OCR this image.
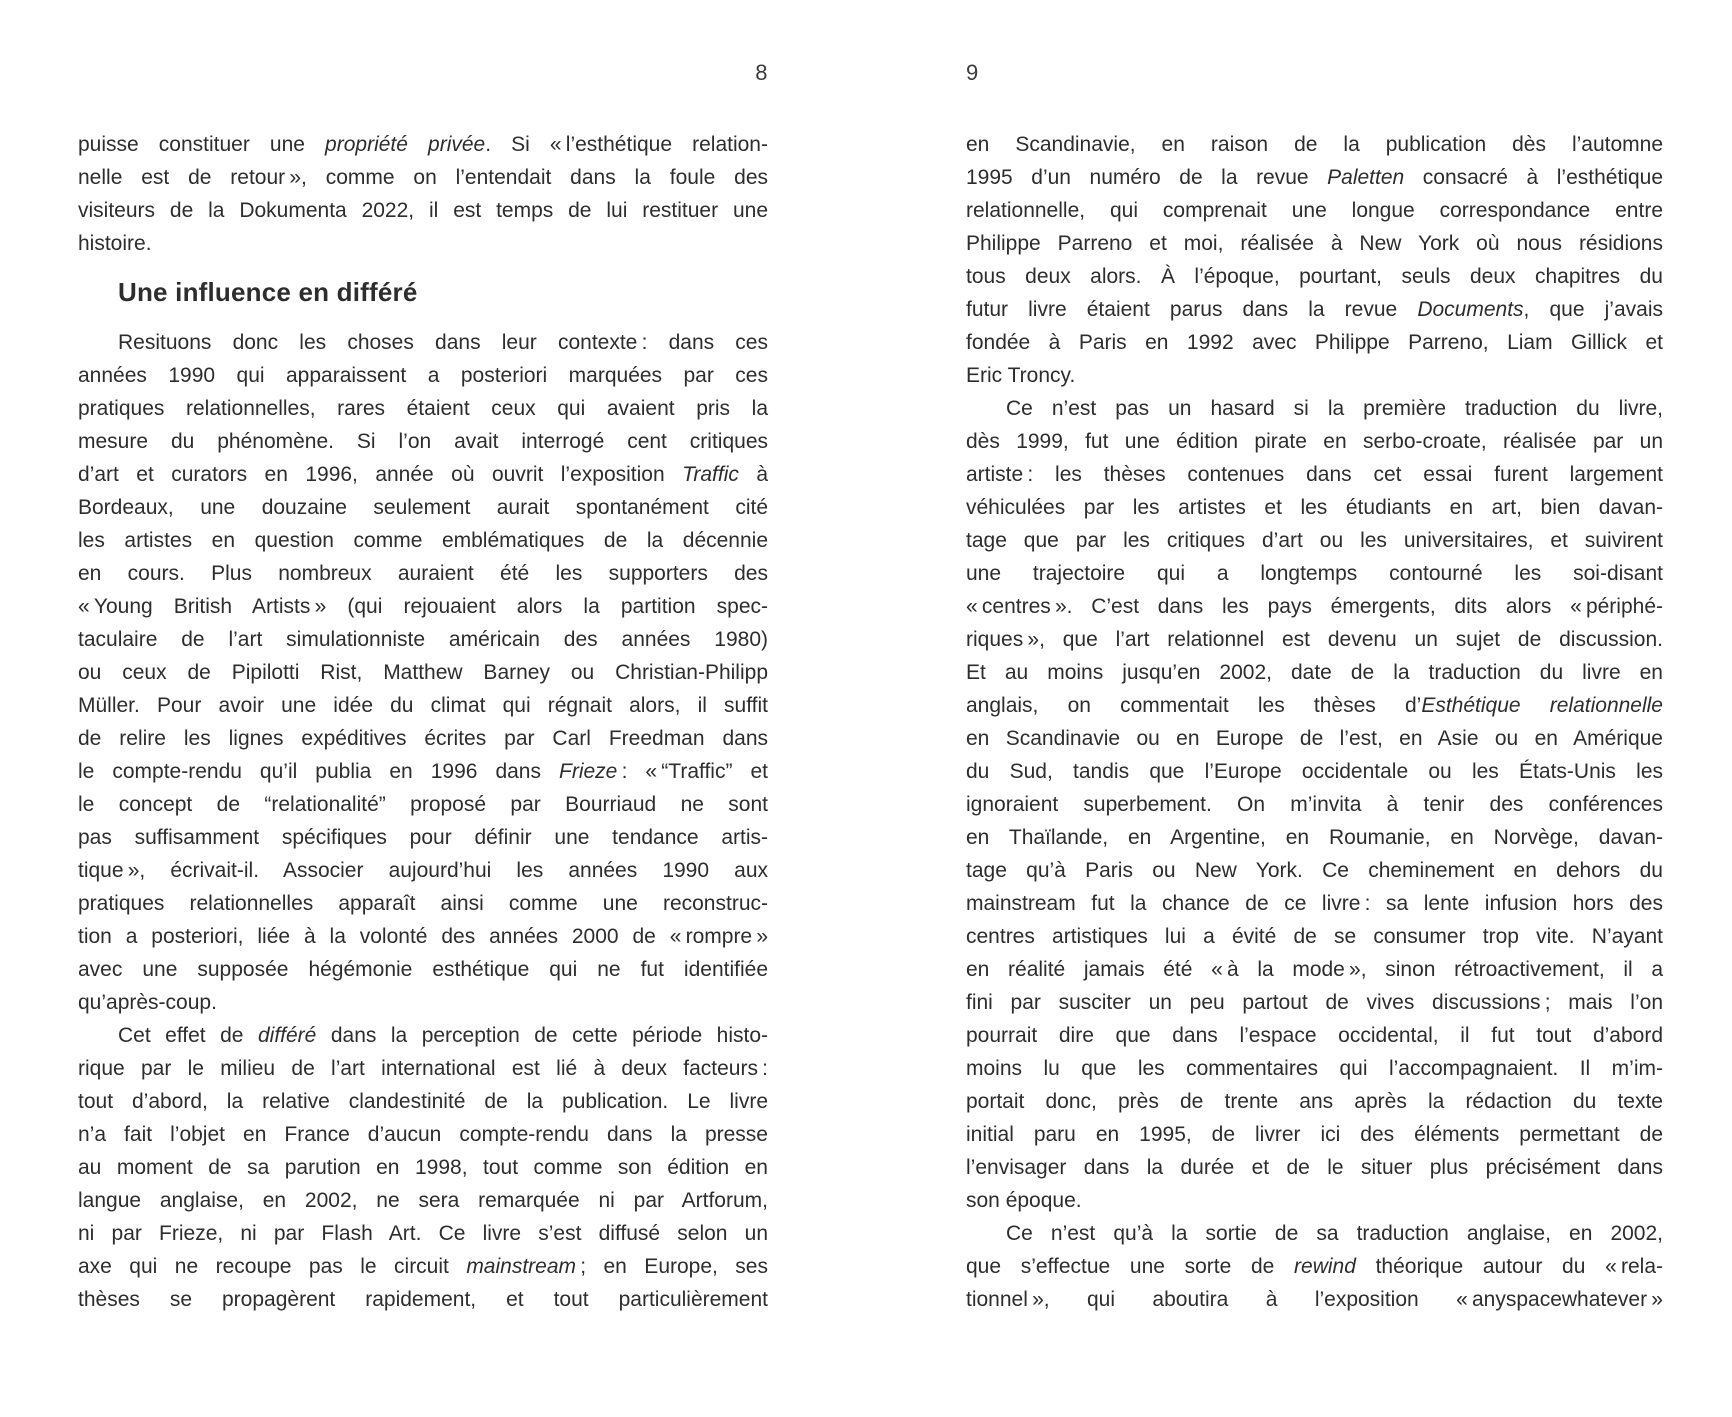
8	9
puisse constituer une propriété privée. Si « l’esthétique relation-
nelle est de retour », comme on l’entendait dans la foule des
visiteurs de la Dokumenta 2022, il est temps de lui restituer une
histoire.
Une influence en différé
Resituons donc les choses dans leur contexte : dans ces
années 1990 qui apparaissent a posteriori marquées par ces
pratiques relationnelles, rares étaient ceux qui avaient pris la
mesure du phénomène. Si l’on avait interrogé cent critiques
d’art et curators en 1996, année où ouvrit l’exposition Traffic à
Bordeaux, une douzaine seulement aurait spontanément cité
les artistes en question comme emblématiques de la décennie
en cours. Plus nombreux auraient été les supporters des
« Young British Artists » (qui rejouaient alors la partition spec-
taculaire de l’art simulationniste américain des années 1980)
ou ceux de Pipilotti Rist, Matthew Barney ou Christian-Philipp
Müller. Pour avoir une idée du climat qui régnait alors, il suffit
de relire les lignes expéditives écrites par Carl Freedman dans
le compte-rendu qu’il publia en 1996 dans Frieze : « “Traffic” et
le concept de “relationalité” proposé par Bourriaud ne sont
pas suffisamment spécifiques pour définir une tendance artis-
tique », écrivait-il. Associer aujourd’hui les années 1990 aux
pratiques relationnelles apparaît ainsi comme une reconstruc-
tion a posteriori, liée à la volonté des années 2000 de « rompre »
avec une supposée hégémonie esthétique qui ne fut identifiée
qu’après-coup.
Cet effet de différé dans la perception de cette période histo-
rique par le milieu de l’art international est lié à deux facteurs :
tout d’abord, la relative clandestinité de la publication. Le livre
n’a fait l’objet en France d’aucun compte-rendu dans la presse
au moment de sa parution en 1998, tout comme son édition en
langue anglaise, en 2002, ne sera remarquée ni par Artforum,
ni par Frieze, ni par Flash Art. Ce livre s’est diffusé selon un
axe qui ne recoupe pas le circuit mainstream ; en Europe, ses
thèses se propagèrent rapidement, et tout particulièrement
en Scandinavie, en raison de la publication dès l’automne
1995 d’un numéro de la revue Paletten consacré à l’esthétique
relationnelle, qui comprenait une longue correspondance entre
Philippe Parreno et moi, réalisée à New York où nous résidions
tous deux alors. À l’époque, pourtant, seuls deux chapitres du
futur livre étaient parus dans la revue Documents, que j’avais
fondée à Paris en 1992 avec Philippe Parreno, Liam Gillick et
Eric Troncy.
Ce n’est pas un hasard si la première traduction du livre,
dès 1999, fut une édition pirate en serbo-croate, réalisée par un
artiste : les thèses contenues dans cet essai furent largement
véhiculées par les artistes et les étudiants en art, bien davan-
tage que par les critiques d’art ou les universitaires, et suivirent
une trajectoire qui a longtemps contourné les soi-disant
« centres ». C’est dans les pays émergents, dits alors « périphé-
riques », que l’art relationnel est devenu un sujet de discussion.
Et au moins jusqu’en 2002, date de la traduction du livre en
anglais, on commentait les thèses d’Esthétique relationnelle
en Scandinavie ou en Europe de l’est, en Asie ou en Amérique
du Sud, tandis que l’Europe occidentale ou les États-Unis les
ignoraient superbement. On m’invita à tenir des conférences
en Thaïlande, en Argentine, en Roumanie, en Norvège, davan-
tage qu’à Paris ou New York. Ce cheminement en dehors du
mainstream fut la chance de ce livre : sa lente infusion hors des
centres artistiques lui a évité de se consumer trop vite. N’ayant
en réalité jamais été « à la mode », sinon rétroactivement, il a
fini par susciter un peu partout de vives discussions ; mais l’on
pourrait dire que dans l’espace occidental, il fut tout d’abord
moins lu que les commentaires qui l’accompagnaient. Il m’im-
portait donc, près de trente ans après la rédaction du texte
initial paru en 1995, de livrer ici des éléments permettant de
l’envisager dans la durée et de le situer plus précisément dans
son époque.
Ce n’est qu’à la sortie de sa traduction anglaise, en 2002,
que s’effectue une sorte de rewind théorique autour du « rela-
tionnel », qui aboutira à l’exposition « anyspacewhatever »
